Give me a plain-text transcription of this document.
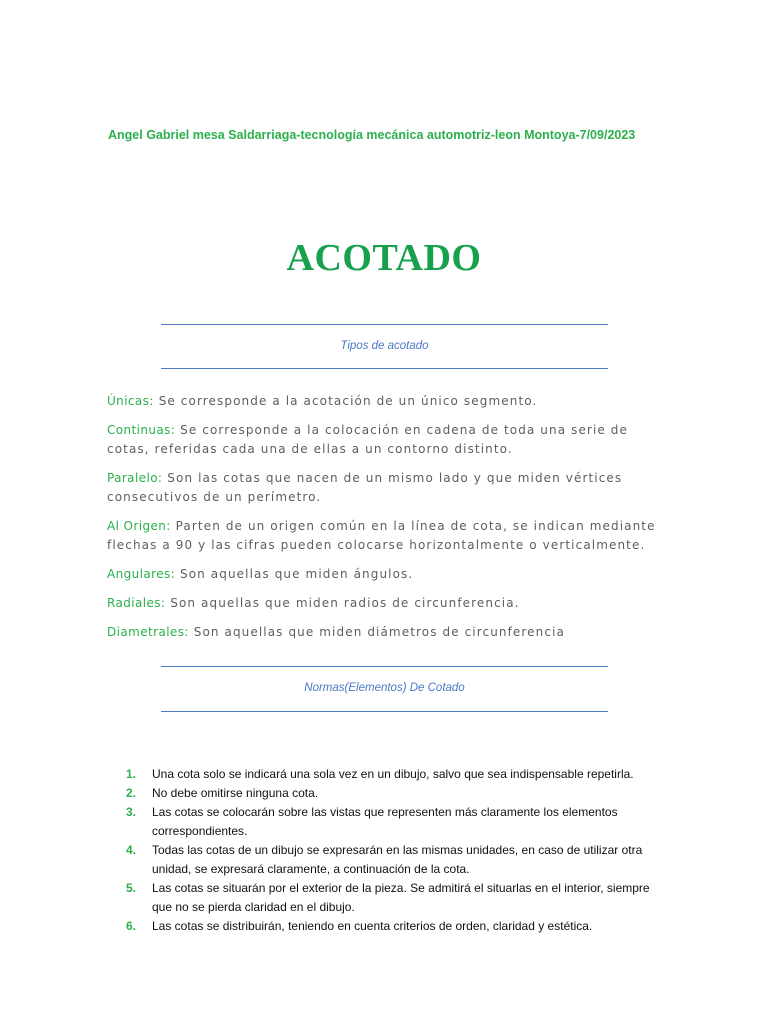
Angel Gabriel mesa Saldarriaga-tecnología mecánica automotriz-leon Montoya-7/09/2023
ACOTADO
Tipos de acotado

Únicas: Se corresponde a la acotación de un único segmento.

Continuas: Se corresponde a la colocación en cadena de toda una serie de cotas, referidas cada una de ellas a un contorno distinto.

Paralelo: Son las cotas que nacen de un mismo lado y que miden vértices consecutivos de un perímetro.

Al Origen: Parten de un origen común en la línea de cota, se indican mediante flechas a 90 y las cifras pueden colocarse horizontalmente o verticalmente.

Angulares: Son aquellas que miden ángulos.

Radiales: Son aquellas que miden radios de circunferencia.

Diametrales: Son aquellas que miden diámetros de circunferencia

Normas(Elementos) De Cotado
1. Una cota solo se indicará una sola vez en un dibujo, salvo que sea indispensable repetirla.
2. No debe omitirse ninguna cota.
3. Las cotas se colocarán sobre las vistas que representen más claramente los elementos correspondientes.
4. Todas las cotas de un dibujo se expresarán en las mismas unidades, en caso de utilizar otra unidad, se expresará claramente, a continuación de la cota.
5. Las cotas se situarán por el exterior de la pieza. Se admitirá el situarlas en el interior, siempre que no se pierda claridad en el dibujo.
6. Las cotas se distribuirán, teniendo en cuenta criterios de orden, claridad y estética.
